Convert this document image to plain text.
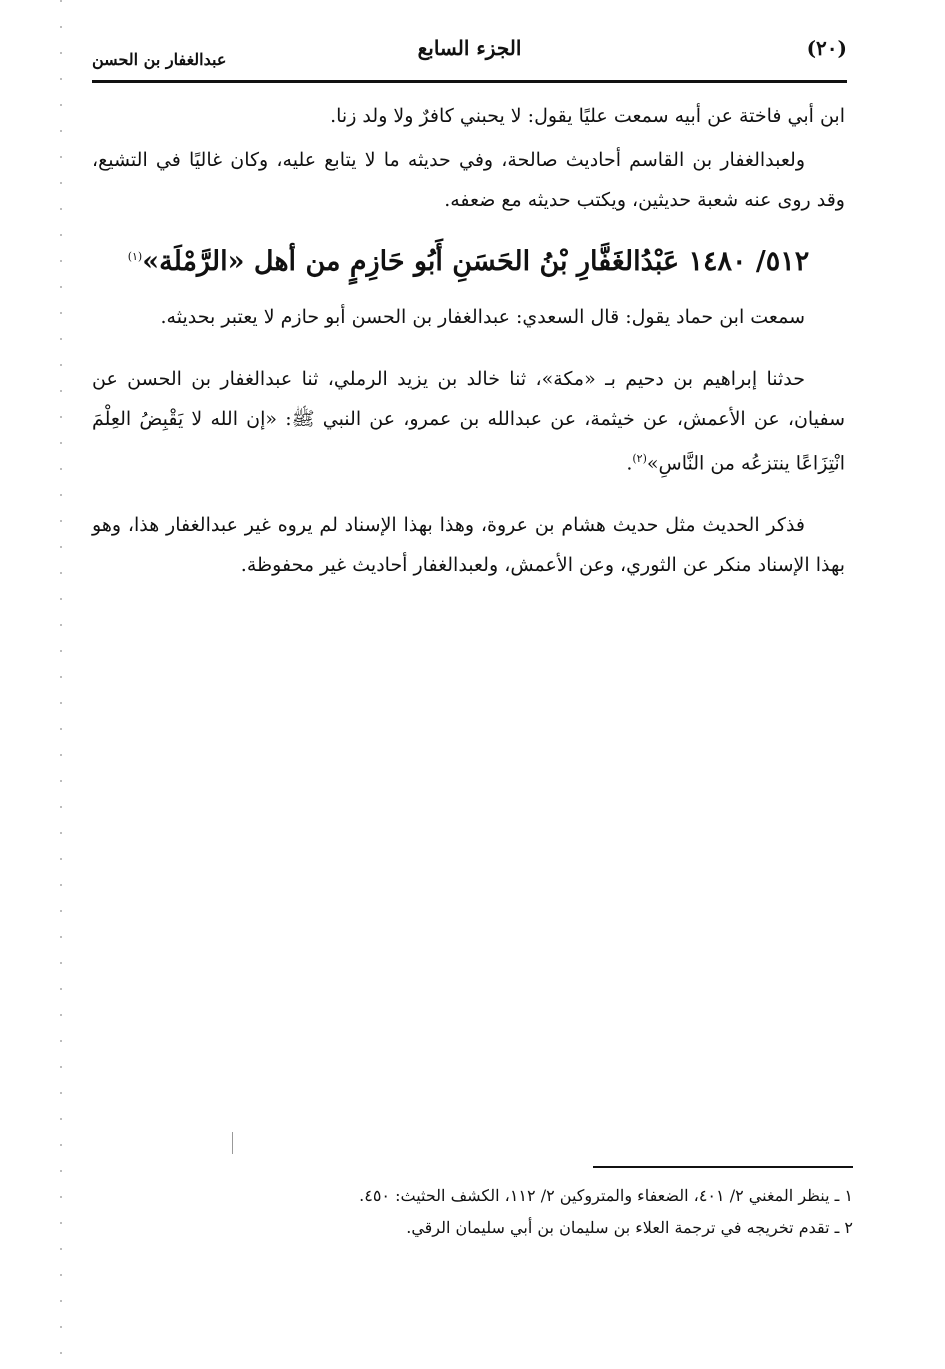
(٢٠)
الجزء السابع
عبدالغفار بن الحسن

ابن أبي فاختة عن أبيه سمعت عليًا يقول: لا يحبني كافرٌ ولا ولد زنا.

ولعبدالغفار بن القاسم أحاديث صالحة، وفي حديثه ما لا يتابع عليه، وكان غاليًا في التشيع، وقد روى عنه شعبة حديثين، ويكتب حديثه مع ضعفه.

٥١٢/ ١٤٨٠ عَبْدُالغَفَّارِ بْنُ الحَسَنِ أَبُو حَازِمٍ من أهل «الرَّمْلَة»$^{(١)}$

سمعت ابن حماد يقول: قال السعدي: عبدالغفار بن الحسن أبو حازم لا يعتبر بحديثه.

حدثنا إبراهيم بن دحيم بـ «مكة»، ثنا خالد بن يزيد الرملي، ثنا عبدالغفار بن الحسن عن سفيان، عن الأعمش، عن خيثمة، عن عبدالله بن عمرو، عن النبي ﷺ: «إن الله لا يَقْبِضُ العِلْمَ انْتِزَاعًا ينتزعُه من النَّاسِ»$^{(٢)}$.

فذكر الحديث مثل حديث هشام بن عروة، وهذا بهذا الإسناد لم يروه غير عبدالغفار هذا، وهو بهذا الإسناد منكر عن الثوري، وعن الأعمش، ولعبدالغفار أحاديث غير محفوظة.

١ ـ ينظر المغني ٢/ ٤٠١، الضعفاء والمتروكين ٢/ ١١٢، الكشف الحثيث: ٤٥٠.

٢ ـ تقدم تخريجه في ترجمة العلاء بن سليمان بن أبي سليمان الرقي.
